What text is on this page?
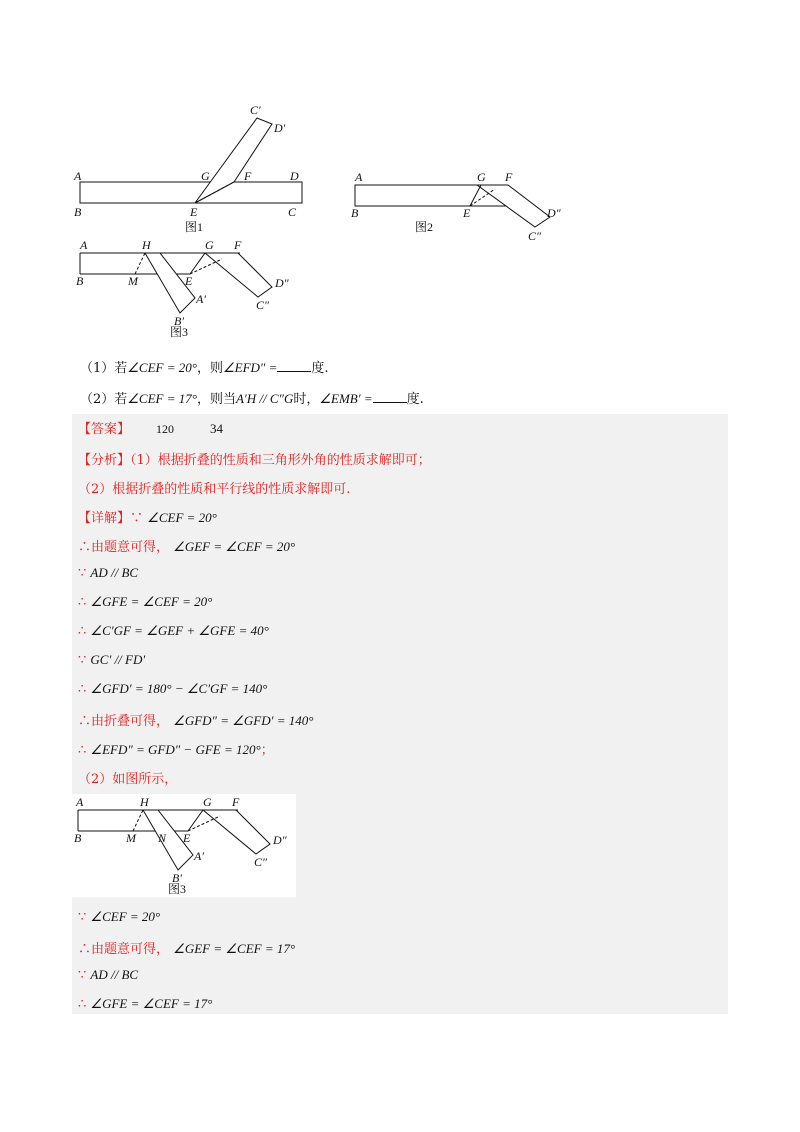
A
B	C
D
E
F
G
C′
D′
图1
A
B	E
G F
C″
D″
图2
A
B
H	G F
M	E
A′
B′
C″
D″
图3
（1）若∠CEF = 20°，则∠EFD″ =	度.
（2）若∠CEF = 17°，则当A′H // C″G时，∠EMB′ =	度.
【答案】 120	34
【分析】（1）根据折叠的性质和三角形外角的性质求解即可；
（2）根据折叠的性质和平行线的性质求解即可.
【详解】∵ ∠CEF = 20°
∴由题意可得， ∠GEF = ∠CEF = 20°
∵ AD // BC
∴ ∠GFE = ∠CEF = 20°
∴ ∠C′GF = ∠GEF + ∠GFE = 40°
∵ GC′ // FD′
∴ ∠GFD′ = 180° − ∠C′GF = 140°
∴由折叠可得， ∠GFD″ = ∠GFD′ = 140°
∴ ∠EFD″ = GFD″ − GFE = 120°；
（2）如图所示，
A
B
H	G F
M N E
A′
B′
C″
D″
图3
∵ ∠CEF = 20°
∴由题意可得， ∠GEF = ∠CEF = 17°
∵ AD // BC
∴ ∠GFE = ∠CEF = 17°
